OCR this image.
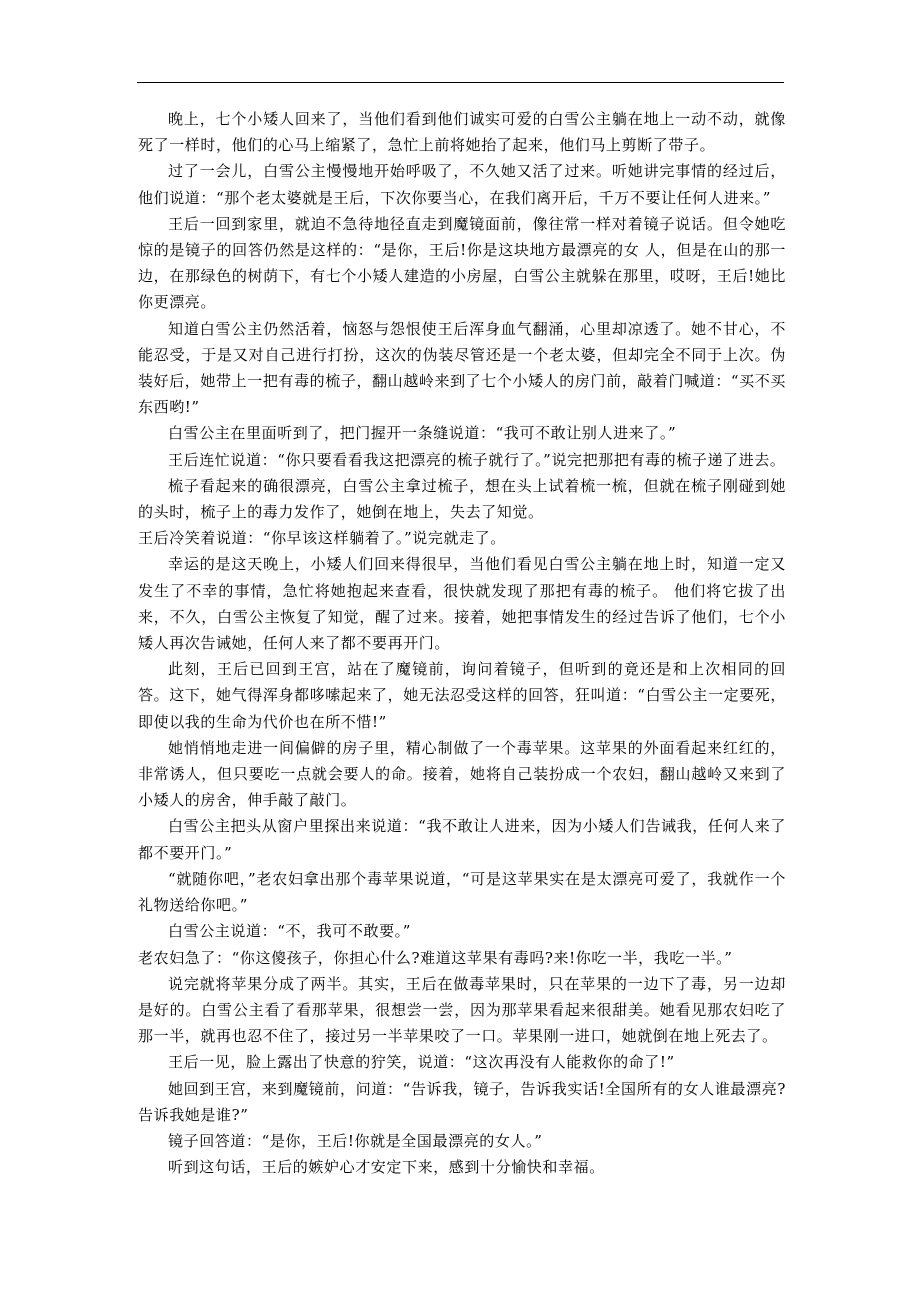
晚上，七个小矮人回来了，当他们看到他们诚实可爱的白雪公主躺在地上一动不动，就像死了一样时，他们的心马上缩紧了，急忙上前将她抬了起来，他们马上剪断了带子。

过了一会儿，白雪公主慢慢地开始呼吸了，不久她又活了过来。听她讲完事情的经过后，他们说道：“那个老太婆就是王后，下次你要当心，在我们离开后，千万不要让任何人进来。”

王后一回到家里，就迫不急待地径直走到魔镜面前，像往常一样对着镜子说话。但令她吃惊的是镜子的回答仍然是这样的：“是你，王后!你是这块地方最漂亮的女 人，但是在山的那一边，在那绿色的树荫下，有七个小矮人建造的小房屋，白雪公主就躲在那里，哎呀，王后!她比你更漂亮。

知道白雪公主仍然活着，恼怒与怨恨使王后浑身血气翻涌，心里却凉透了。她不甘心，不能忍受，于是又对自己进行打扮，这次的伪装尽管还是一个老太婆，但却完全不同于上次。伪装好后，她带上一把有毒的梳子，翻山越岭来到了七个小矮人的房门前，敲着门喊道：“买不买东西哟!”

白雪公主在里面听到了，把门握开一条缝说道：“我可不敢让别人进来了。”

王后连忙说道：“你只要看看我这把漂亮的梳子就行了。”说完把那把有毒的梳子递了进去。

梳子看起来的确很漂亮，白雪公主拿过梳子，想在头上试着梳一梳，但就在梳子刚碰到她的头时，梳子上的毒力发作了，她倒在地上，失去了知觉。

王后冷笑着说道：“你早该这样躺着了。”说完就走了。

幸运的是这天晚上，小矮人们回来得很早，当他们看见白雪公主躺在地上时，知道一定又发生了不幸的事情，急忙将她抱起来查看，很快就发现了那把有毒的梳子。 他们将它拔了出来，不久，白雪公主恢复了知觉，醒了过来。接着，她把事情发生的经过告诉了他们，七个小矮人再次告诫她，任何人来了都不要再开门。

此刻，王后已回到王宫，站在了魔镜前，询问着镜子，但听到的竟还是和上次相同的回答。这下，她气得浑身都哆嗦起来了，她无法忍受这样的回答，狂叫道：“白雪公主一定要死，即使以我的生命为代价也在所不惜!”

她悄悄地走进一间偏僻的房子里，精心制做了一个毒苹果。这苹果的外面看起来红红的，非常诱人，但只要吃一点就会要人的命。接着，她将自己装扮成一个农妇，翻山越岭又来到了小矮人的房舍，伸手敲了敲门。

白雪公主把头从窗户里探出来说道：“我不敢让人进来，因为小矮人们告诫我，任何人来了都不要开门。”

“就随你吧，”老农妇拿出那个毒苹果说道，“可是这苹果实在是太漂亮可爱了，我就作一个礼物送给你吧。”

白雪公主说道：“不，我可不敢要。”

老农妇急了：“你这傻孩子，你担心什么?难道这苹果有毒吗?来!你吃一半，我吃一半。”

说完就将苹果分成了两半。其实，王后在做毒苹果时，只在苹果的一边下了毒，另一边却是好的。白雪公主看了看那苹果，很想尝一尝，因为那苹果看起来很甜美。她看见那农妇吃了那一半，就再也忍不住了，接过另一半苹果咬了一口。苹果刚一进口，她就倒在地上死去了。

王后一见，脸上露出了快意的狞笑，说道：“这次再没有人能救你的命了!”

她回到王宫，来到魔镜前，问道：“告诉我，镜子，告诉我实话!全国所有的女人谁最漂亮?告诉我她是谁?”

镜子回答道：“是你，王后!你就是全国最漂亮的女人。”

听到这句话，王后的嫉妒心才安定下来，感到十分愉快和幸福。
